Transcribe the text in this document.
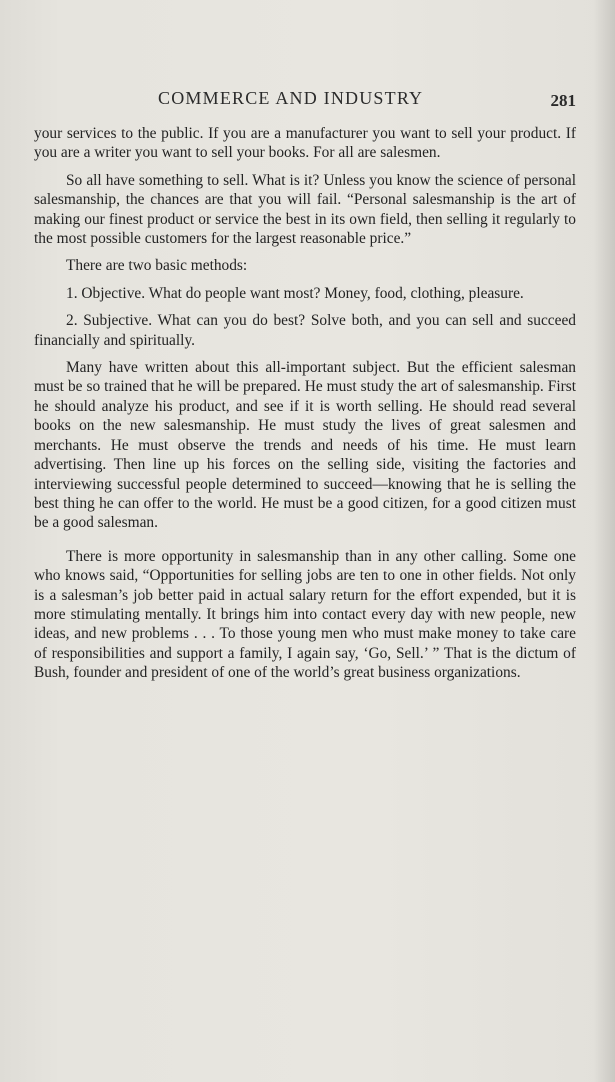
COMMERCE AND INDUSTRY	281

your services to the public. If you are a manufacturer you want to sell your product. If you are a writer you want to sell your books. For all are salesmen.

So all have something to sell. What is it? Unless you know the science of personal salesmanship, the chances are that you will fail. “Personal salesmanship is the art of making our finest product or service the best in its own field, then selling it regularly to the most possible customers for the largest reasonable price.”

There are two basic methods:

1. Objective. What do people want most? Money, food, clothing, pleasure.

2. Subjective. What can you do best? Solve both, and you can sell and succeed financially and spiritually.

Many have written about this all-important subject. But the efficient salesman must be so trained that he will be prepared. He must study the art of salesmanship. First he should analyze his product, and see if it is worth selling. He should read several books on the new salesmanship. He must study the lives of great salesmen and merchants. He must observe the trends and needs of his time. He must learn advertising. Then line up his forces on the selling side, visiting the factories and interviewing successful people determined to succeed—knowing that he is selling the best thing he can offer to the world. He must be a good citizen, for a good citizen must be a good salesman.

There is more opportunity in salesmanship than in any other calling. Some one who knows said, “Opportunities for selling jobs are ten to one in other fields. Not only is a salesman’s job better paid in actual salary return for the effort expended, but it is more stimulating mentally. It brings him into contact every day with new people, new ideas, and new problems . . . To those young men who must make money to take care of responsibilities and support a family, I again say, ‘Go, Sell.’ ” That is the dictum of Bush, founder and president of one of the world’s great business organizations.
